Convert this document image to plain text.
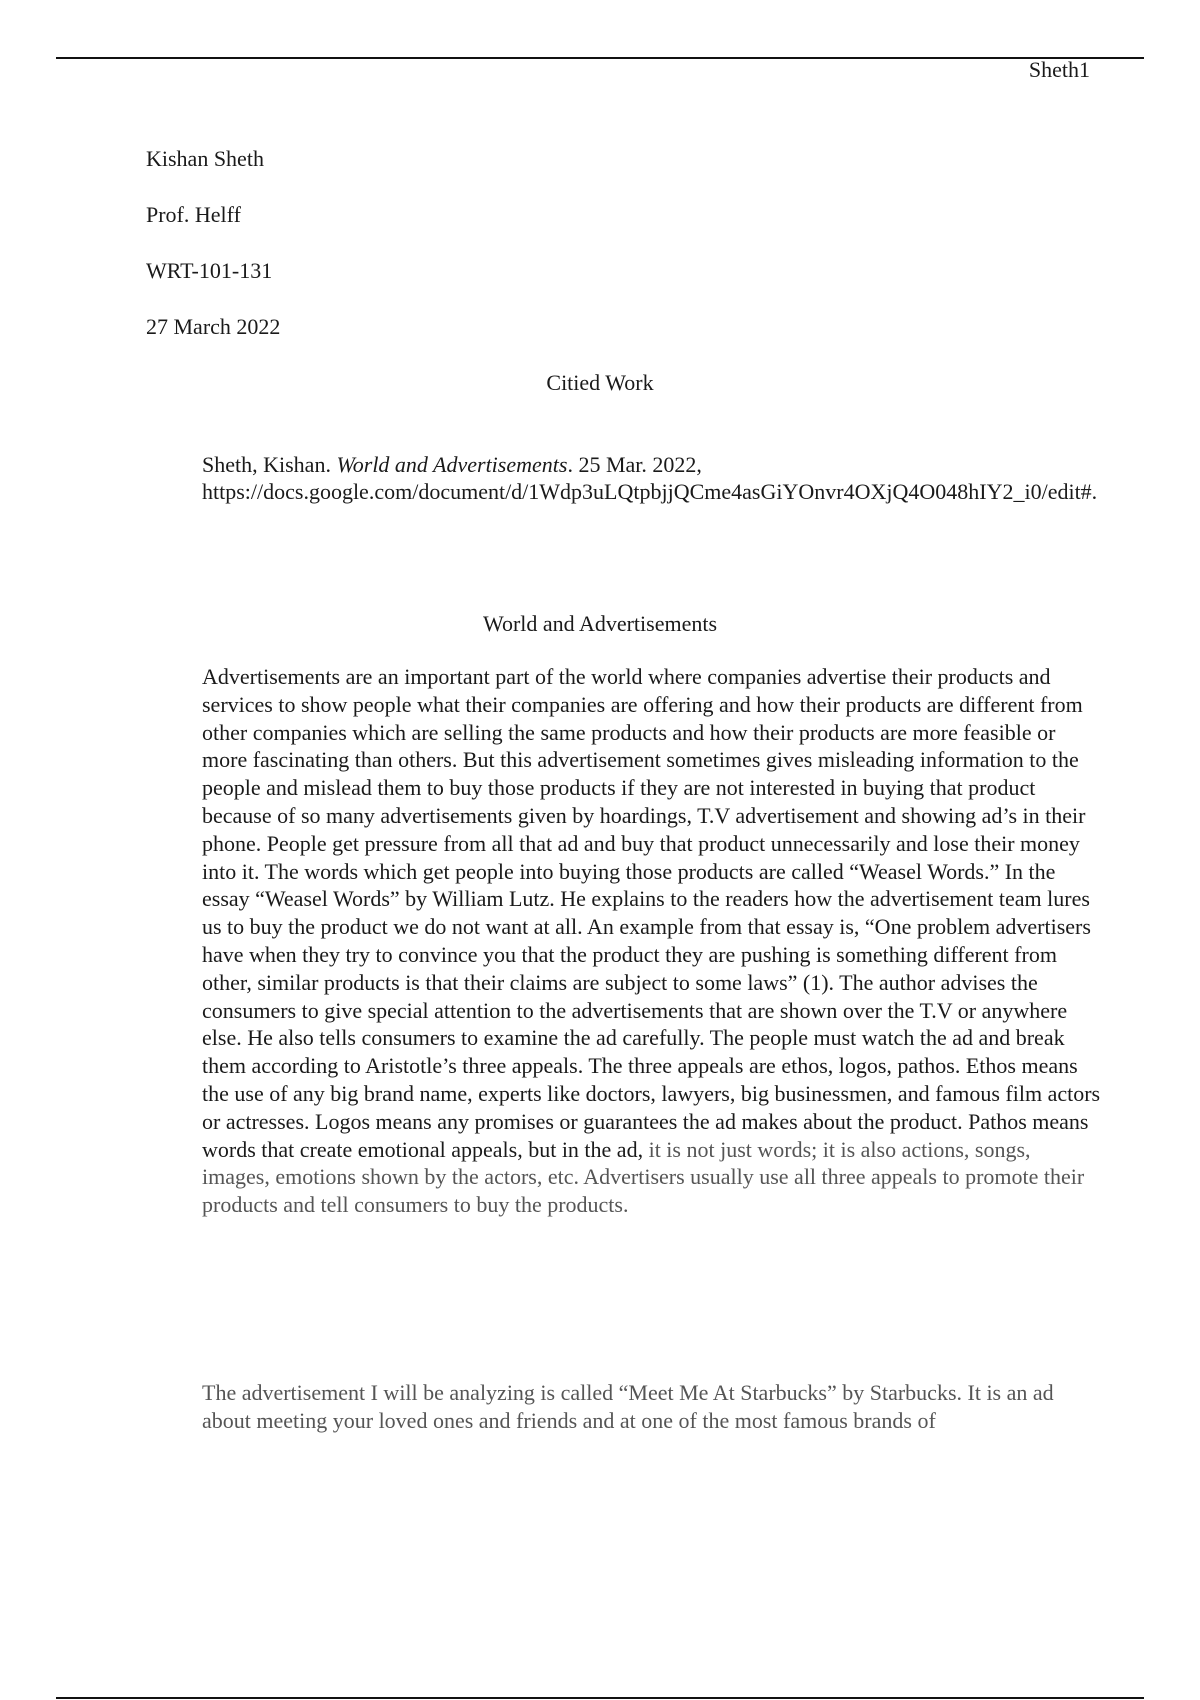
Sheth1
Kishan Sheth
Prof. Helff
WRT-101-131
27 March 2022
Citied Work

Sheth, Kishan. World and Advertisements. 25 Mar. 2022,
https://docs.google.com/document/d/1Wdp3uLQtpbjjQCme4asGiYOnvr4OXjQ4O048hIY2_i0/edit#.

World and Advertisements

Advertisements are an important part of the world where companies advertise their products and services to show people what their companies are offering and how their products are different from other companies which are selling the same products and how their products are more feasible or more fascinating than others. But this advertisement sometimes gives misleading information to the people and mislead them to buy those products if they are not interested in buying that product because of so many advertisements given by hoardings, T.V advertisement and showing ad’s in their phone. People get pressure from all that ad and buy that product unnecessarily and lose their money into it. The words which get people into buying those products are called “Weasel Words.” In the essay “Weasel Words” by William Lutz. He explains to the readers how the advertisement team lures us to buy the product we do not want at all. An example from that essay is, “One problem advertisers have when they try to convince you that the product they are pushing is something different from other, similar products is that their claims are subject to some laws” (1). The author advises the consumers to give special attention to the advertisements that are shown over the T.V or anywhere else. He also tells consumers to examine the ad carefully. The people must watch the ad and break them according to Aristotle’s three appeals. The three appeals are ethos, logos, pathos. Ethos means the use of any big brand name, experts like doctors, lawyers, big businessmen, and famous film actors or actresses. Logos means any promises or guarantees the ad makes about the product. Pathos means words that create emotional appeals, but in the ad, it is not just words; it is also actions, songs, images, emotions shown by the actors, etc. Advertisers usually use all three appeals to promote their products and tell consumers to buy the products.

The advertisement I will be analyzing is called “Meet Me At Starbucks” by Starbucks. It is an ad about meeting your loved ones and friends and at one of the most famous brands of
